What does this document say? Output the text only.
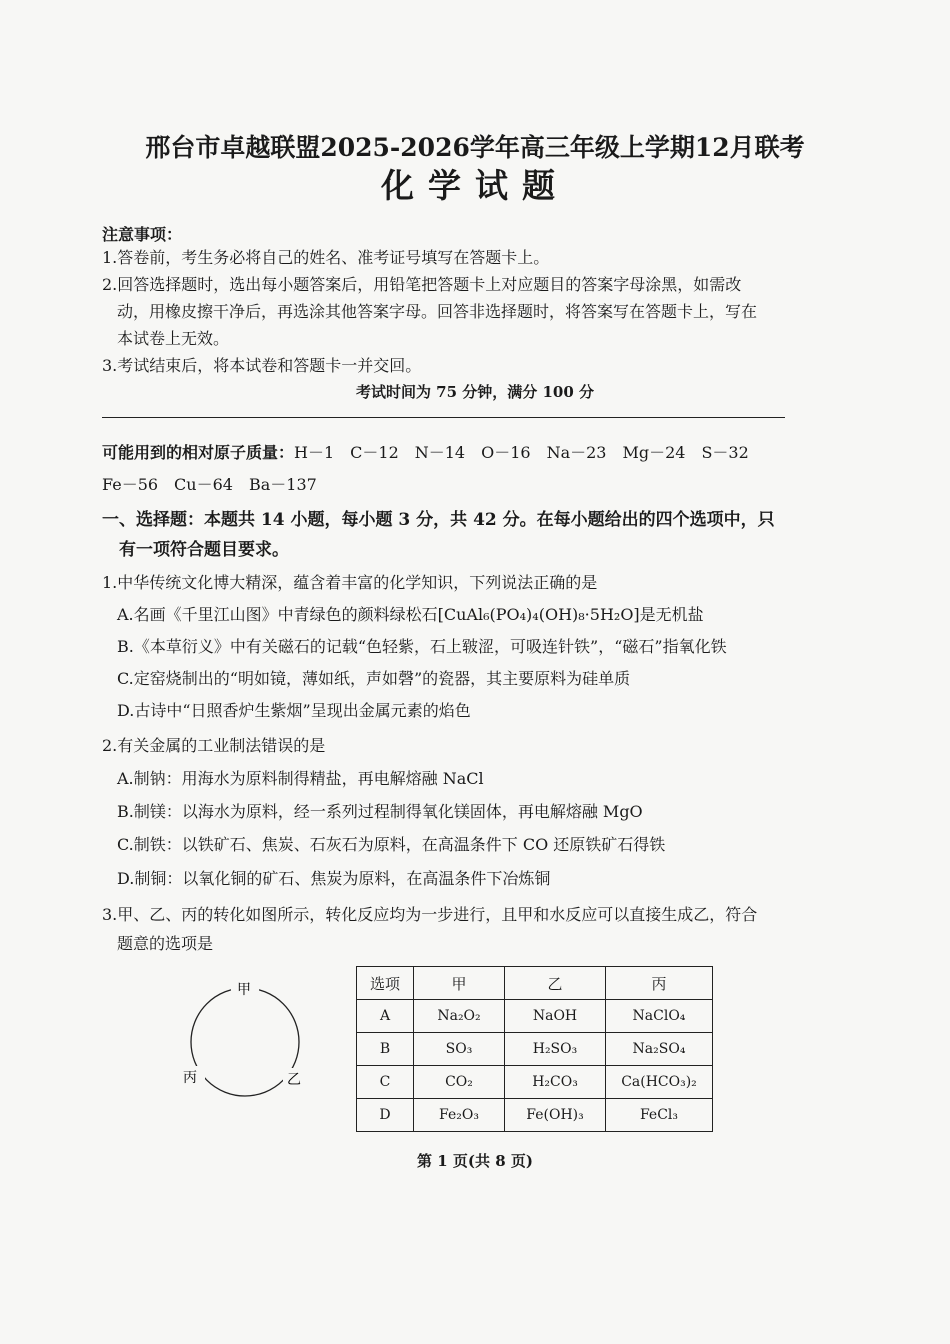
邢台市卓越联盟2025-2026学年高三年级上学期12月联考
化学试题
注意事项：
1.答卷前，考生务必将自己的姓名、准考证号填写在答题卡上。
2.回答选择题时，选出每小题答案后，用铅笔把答题卡上对应题目的答案字母涂黑，如需改
动，用橡皮擦干净后，再选涂其他答案字母。回答非选择题时，将答案写在答题卡上，写在
本试卷上无效。
3.考试结束后，将本试卷和答题卡一并交回。
考试时间为 75 分钟，满分 100 分
可能用到的相对原子质量：H－1　C－12　N－14　O－16　Na－23　Mg－24　S－32
Fe－56　Cu－64　Ba－137
一、选择题：本题共 14 小题，每小题 3 分，共 42 分。在每小题给出的四个选项中，只
有一项符合题目要求。
1.中华传统文化博大精深，蕴含着丰富的化学知识，下列说法正确的是
A.名画《千里江山图》中青绿色的颜料绿松石[CuAl₆(PO₄)₄(OH)₈·5H₂O]是无机盐
B.《本草衍义》中有关磁石的记载“色轻紫，石上皲涩，可吸连针铁”，“磁石”指氧化铁
C.定窑烧制出的“明如镜，薄如纸，声如磬”的瓷器，其主要原料为硅单质
D.古诗中“日照香炉生紫烟”呈现出金属元素的焰色
2.有关金属的工业制法错误的是
A.制钠：用海水为原料制得精盐，再电解熔融 NaCl
B.制镁：以海水为原料，经一系列过程制得氧化镁固体，再电解熔融 MgO
C.制铁：以铁矿石、焦炭、石灰石为原料，在高温条件下 CO 还原铁矿石得铁
D.制铜：以氧化铜的矿石、焦炭为原料，在高温条件下冶炼铜
3.甲、乙、丙的转化如图所示，转化反应均为一步进行，且甲和水反应可以直接生成乙，符合
题意的选项是
甲
丙	乙
选项	甲	乙	丙
A	Na₂O₂	NaOH	NaClO₄
B	SO₃	H₂SO₃	Na₂SO₄
C	CO₂	H₂CO₃	Ca(HCO₃)₂
D	Fe₂O₃	Fe(OH)₃	FeCl₃
第 1 页(共 8 页)
